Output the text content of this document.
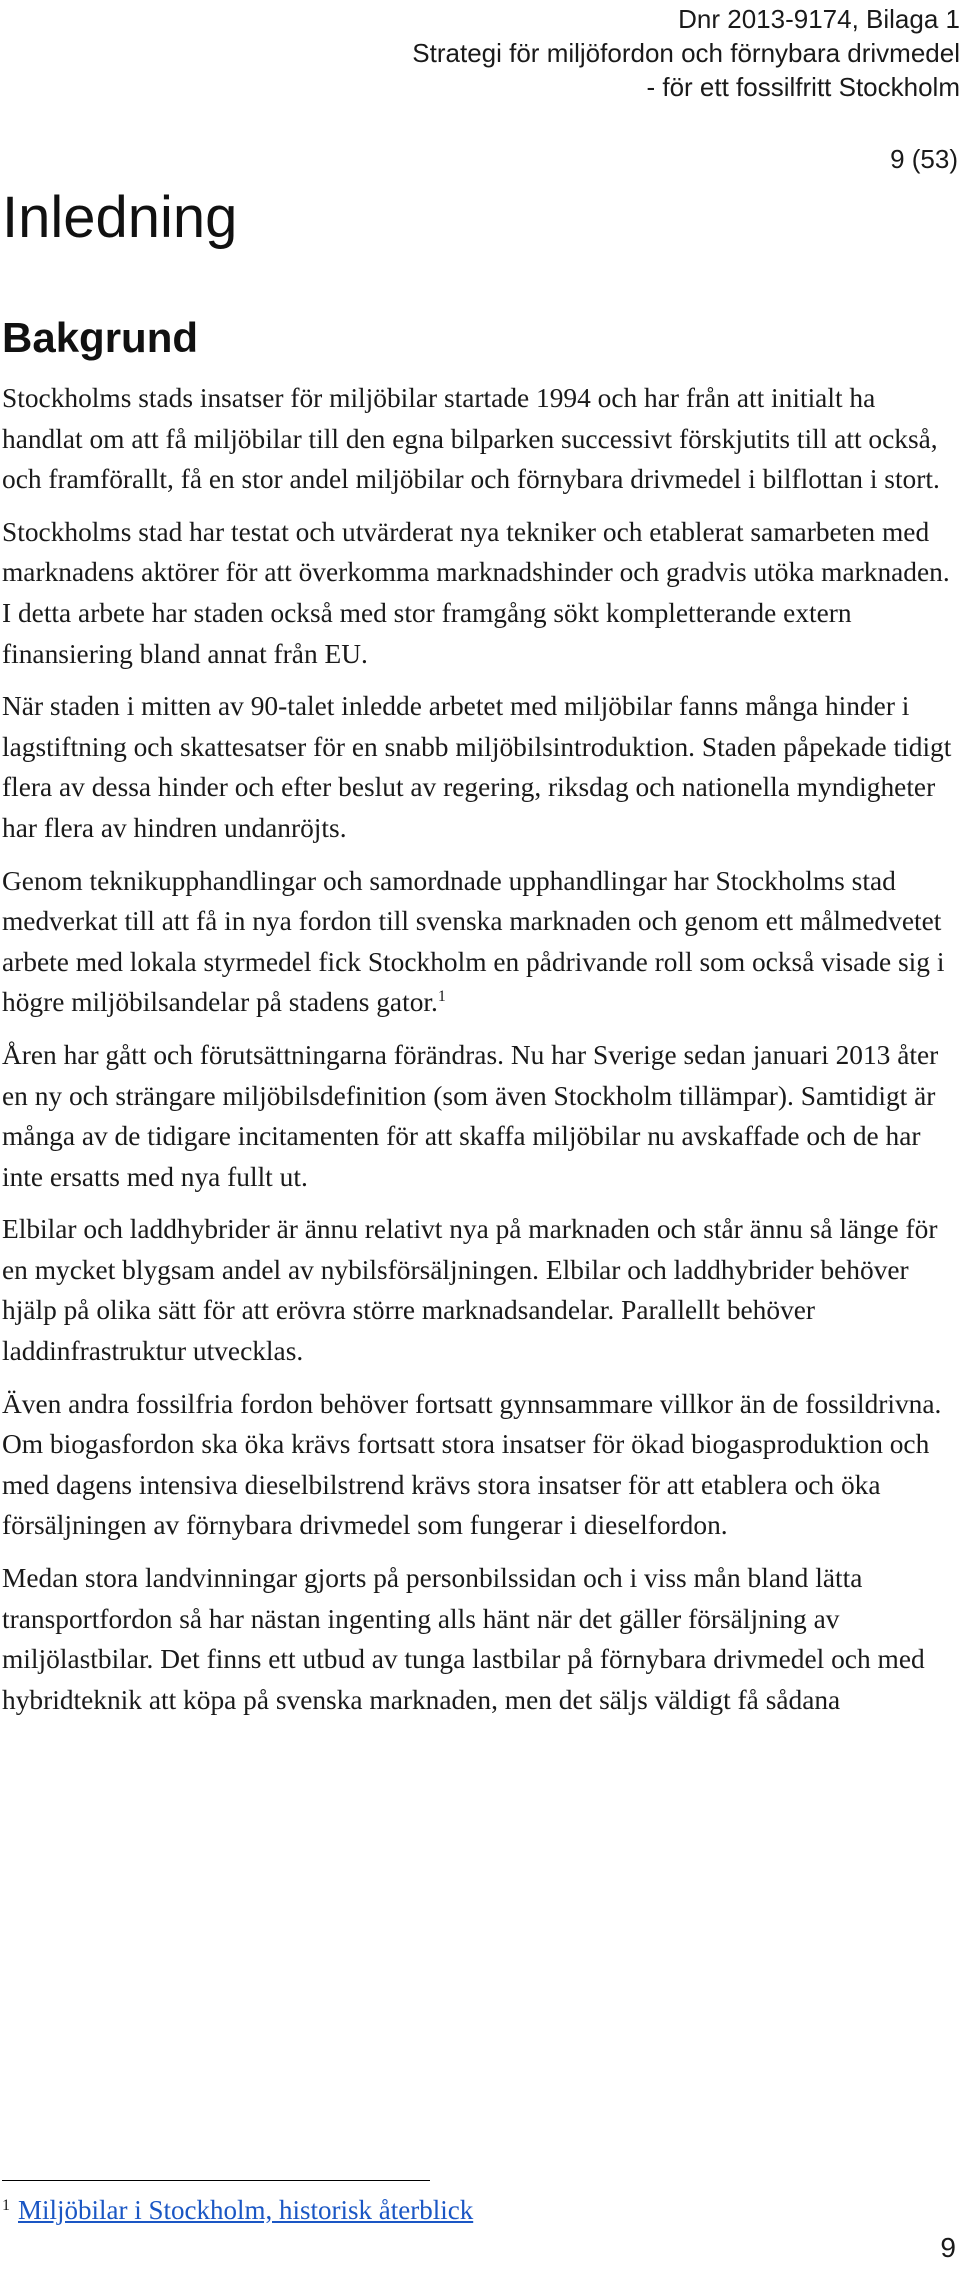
Dnr 2013-9174, Bilaga 1
Strategi för miljöfordon och förnybara drivmedel
- för ett fossilfritt Stockholm
9 (53)
Inledning
Bakgrund

Stockholms stads insatser för miljöbilar startade 1994 och har från att initialt ha handlat om att få miljöbilar till den egna bilparken successivt förskjutits till att också, och framförallt, få en stor andel miljöbilar och förnybara drivmedel i bilflottan i stort.

Stockholms stad har testat och utvärderat nya tekniker och etablerat samarbeten med marknadens aktörer för att överkomma marknadshinder och gradvis utöka marknaden. I detta arbete har staden också med stor framgång sökt kompletterande extern finansiering bland annat från EU.

När staden i mitten av 90-talet inledde arbetet med miljöbilar fanns många hinder i lagstiftning och skattesatser för en snabb miljöbilsintroduktion. Staden påpekade tidigt flera av dessa hinder och efter beslut av regering, riksdag och nationella myndigheter har flera av hindren undanröjts.

Genom teknikupphandlingar och samordnade upphandlingar har Stockholms stad medverkat till att få in nya fordon till svenska marknaden och genom ett målmedvetet arbete med lokala styrmedel fick Stockholm en pådrivande roll som också visade sig i högre miljöbilsandelar på stadens gator.$^1$

Åren har gått och förutsättningarna förändras. Nu har Sverige sedan januari 2013 åter en ny och strängare miljöbilsdefinition (som även Stockholm tillämpar). Samtidigt är många av de tidigare incitamenten för att skaffa miljöbilar nu avskaffade och de har inte ersatts med nya fullt ut.

Elbilar och laddhybrider är ännu relativt nya på marknaden och står ännu så länge för en mycket blygsam andel av nybilsförsäljningen. Elbilar och laddhybrider behöver hjälp på olika sätt för att erövra större marknadsandelar. Parallellt behöver laddinfrastruktur utvecklas.

Även andra fossilfria fordon behöver fortsatt gynnsammare villkor än de fossildrivna. Om biogasfordon ska öka krävs fortsatt stora insatser för ökad biogasproduktion och med dagens intensiva dieselbilstrend krävs stora insatser för att etablera och öka försäljningen av förnybara drivmedel som fungerar i dieselfordon.

Medan stora landvinningar gjorts på personbilssidan och i viss mån bland lätta transportfordon så har nästan ingenting alls hänt när det gäller försäljning av miljölastbilar. Det finns ett utbud av tunga lastbilar på förnybara drivmedel och med hybridteknik att köpa på svenska marknaden, men det säljs väldigt få sådana

$^1$ Miljöbilar i Stockholm, historisk återblick
9
